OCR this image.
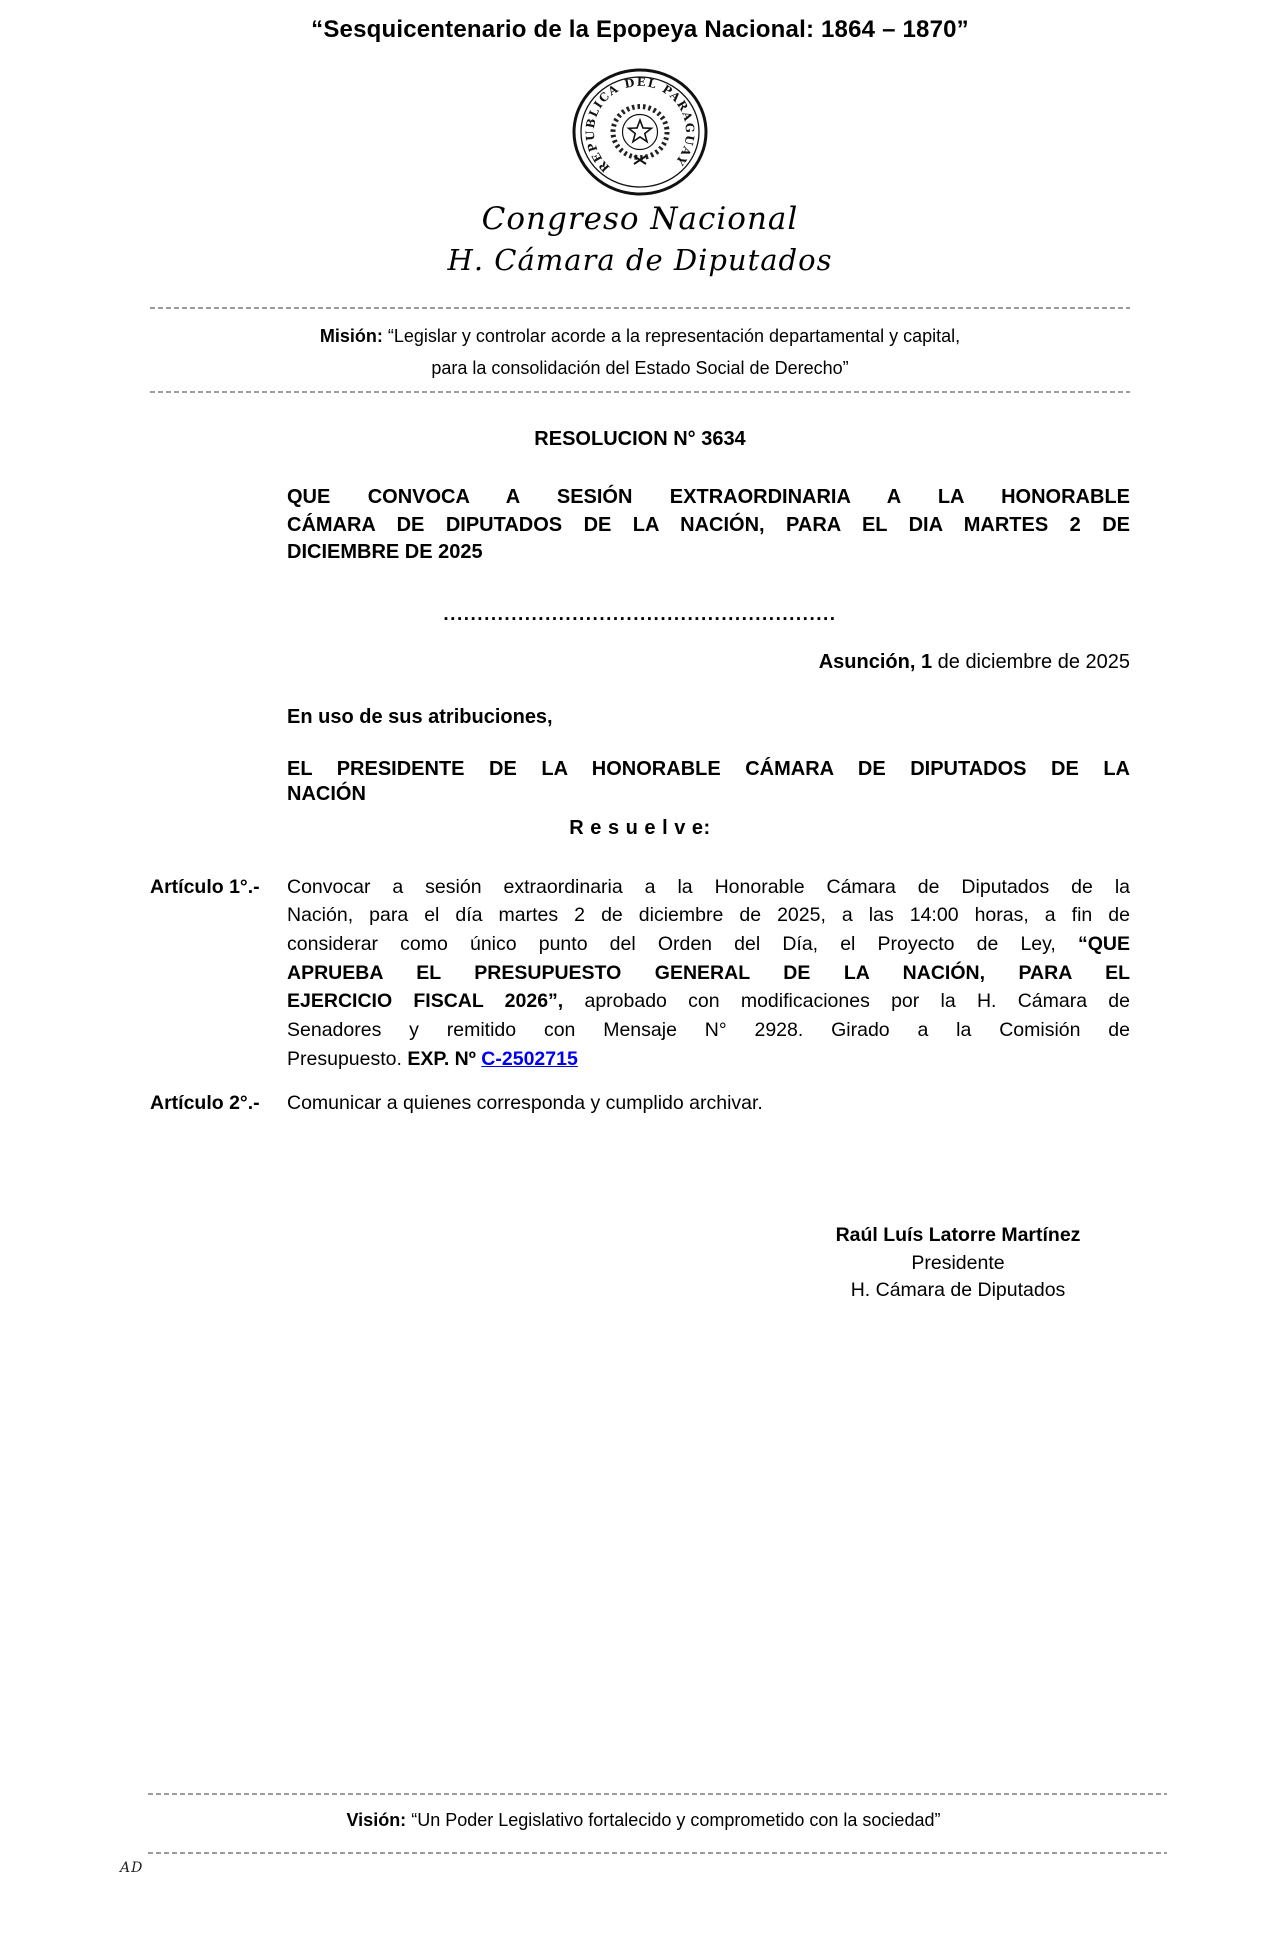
“Sesquicentenario de la Epopeya Nacional: 1864 – 1870”
REPUBLICA DEL PARAGUAY
Congreso Nacional
H. Cámara de Diputados
Misión: “Legislar y controlar acorde a la representación departamental y capital,
para la consolidación del Estado Social de Derecho”
RESOLUCION N° 3634
QUE CONVOCA A SESIÓN EXTRAORDINARIA A LA HONORABLE
CÁMARA DE DIPUTADOS DE LA NACIÓN, PARA EL DIA MARTES 2 DE
DICIEMBRE DE 2025
..........................................................
Asunción, 1 de diciembre de 2025
En uso de sus atribuciones,
EL PRESIDENTE DE LA HONORABLE CÁMARA DE DIPUTADOS DE LA
NACIÓN
R e s u e l v e:
Artículo 1°.-	Convocar a sesión extraordinaria a la Honorable Cámara de Diputados de la
Nación, para el día martes 2 de diciembre de 2025, a las 14:00 horas, a fin de
considerar como único punto del Orden del Día, el Proyecto de Ley, “QUE
APRUEBA EL PRESUPUESTO GENERAL DE LA NACIÓN, PARA EL
EJERCICIO FISCAL 2026”, aprobado con modificaciones por la H. Cámara de
Senadores y remitido con Mensaje N° 2928. Girado a la Comisión de
Presupuesto. EXP. Nº C-2502715
Artículo 2°.-	Comunicar a quienes corresponda y cumplido archivar.
Raúl Luís Latorre Martínez
Presidente
H. Cámara de Diputados
Visión: “Un Poder Legislativo fortalecido y comprometido con la sociedad”
AD
